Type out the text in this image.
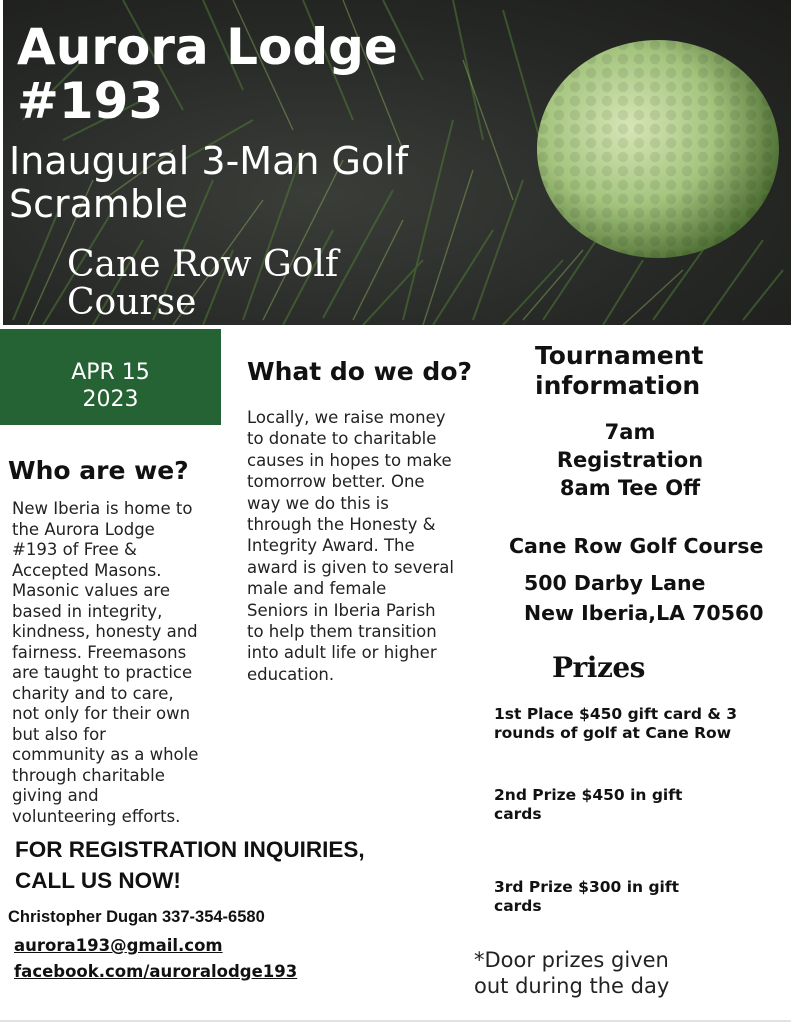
Aurora Lodge
#193
Inaugural 3-Man Golf
Scramble
Cane Row Golf
Course
APR 15
2023
Who are we?
New Iberia is home to
the Aurora Lodge
#193 of Free &
Accepted Masons.
Masonic values are
based in integrity,
kindness, honesty and
fairness. Freemasons
are taught to practice
charity and to care,
not only for their own
but also for
community as a whole
through charitable
giving and
volunteering efforts.
What do we do?
Locally, we raise money
to donate to charitable
causes in hopes to make
tomorrow better. One
way we do this is
through the Honesty &
Integrity Award. The
award is given to several
male and female
Seniors in Iberia Parish
to help them transition
into adult life or higher
education.
Tournament
information
7am
Registration
8am Tee Off
Cane Row Golf Course
500 Darby Lane
New Iberia,LA 70560
Prizes
1st Place $450 gift card & 3
rounds of golf at Cane Row
2nd Prize $450 in gift
cards
3rd Prize $300 in gift
cards
*Door prizes given
out during the day
FOR REGISTRATION INQUIRIES,
CALL US NOW!
Christopher Dugan 337-354-6580
aurora193@gmail.com
facebook.com/auroralodge193
